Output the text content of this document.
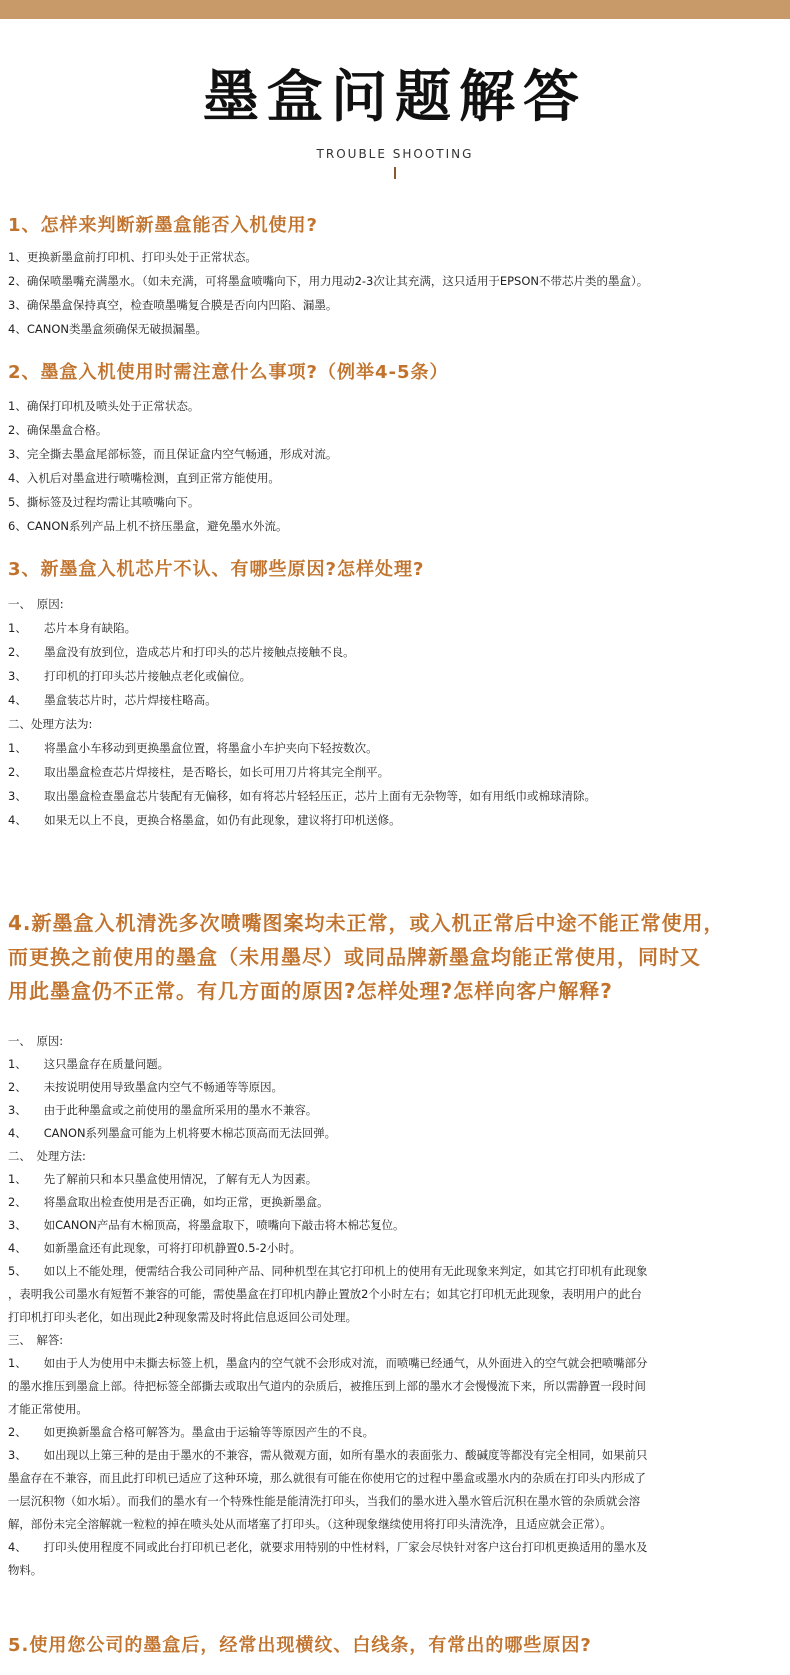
墨盒问题解答
TROUBLE SHOOTING
1、怎样来判断新墨盒能否入机使用?
1、更换新墨盒前打印机、打印头处于正常状态。
2、确保喷墨嘴充满墨水。（如未充满，可将墨盒喷嘴向下，用力甩动2-3次让其充满，这只适用于EPSON不带芯片类的墨盒）。
3、确保墨盒保持真空，检查喷墨嘴复合膜是否向内凹陷、漏墨。
4、CANON类墨盒须确保无破损漏墨。
2、墨盒入机使用时需注意什么事项?（例举4-5条）
1、确保打印机及喷头处于正常状态。
2、确保墨盒合格。
3、完全撕去墨盒尾部标签，而且保证盒内空气畅通，形成对流。
4、入机后对墨盒进行喷嘴检测，直到正常方能使用。
5、撕标签及过程均需让其喷嘴向下。
6、CANON系列产品上机不挤压墨盒，避免墨水外流。
3、新墨盒入机芯片不认、有哪些原因?怎样处理?
一、　原因:
1、　　芯片本身有缺陷。
2、　　墨盒没有放到位，造成芯片和打印头的芯片接触点接触不良。
3、　　打印机的打印头芯片接触点老化或偏位。
4、　　墨盒装芯片时，芯片焊接柱略高。
二、处理方法为:
1、　　将墨盒小车移动到更换墨盒位置，将墨盒小车护夹向下轻按数次。
2、　　取出墨盒检查芯片焊接柱，是否略长，如长可用刀片将其完全削平。
3、　　取出墨盒检查墨盒芯片装配有无偏移，如有将芯片轻轻压正，芯片上面有无杂物等，如有用纸巾或棉球清除。
4、　　如果无以上不良，更换合格墨盒，如仍有此现象，建议将打印机送修。
4.新墨盒入机清洗多次喷嘴图案均未正常，或入机正常后中途不能正常使用，
而更换之前使用的墨盒（未用墨尽）或同品牌新墨盒均能正常使用，同时又
用此墨盒仍不正常。有几方面的原因?怎样处理?怎样向客户解释?
一、　原因:
1、　　这只墨盒存在质量问题。
2、　　未按说明使用导致墨盒内空气不畅通等等原因。
3、　　由于此种墨盒或之前使用的墨盒所采用的墨水不兼容。
4、　　CANON系列墨盒可能为上机将要木棉芯顶高而无法回弹。
二、　处理方法:
1、　　先了解前只和本只墨盒使用情况，了解有无人为因素。
2、　　将墨盒取出检查使用是否正确，如均正常，更换新墨盒。
3、　　如CANON产品有木棉顶高，将墨盒取下，喷嘴向下敲击将木棉芯复位。
4、　　如新墨盒还有此现象，可将打印机静置0.5-2小时。
5、　　如以上不能处理，便需结合我公司同种产品、同种机型在其它打印机上的使用有无此现象来判定，如其它打印机有此现象
，表明我公司墨水有短暂不兼容的可能，需使墨盒在打印机内静止置放2个小时左右；如其它打印机无此现象，表明用户的此台
打印机打印头老化，如出现此2种现象需及时将此信息返回公司处理。
三、　解答:
1、　　如由于人为使用中未撕去标签上机，墨盒内的空气就不会形成对流，而喷嘴已经通气，从外面进入的空气就会把喷嘴部分
的墨水推压到墨盒上部。待把标签全部撕去或取出气道内的杂质后，被推压到上部的墨水才会慢慢流下来，所以需静置一段时间
才能正常使用。
2、　　如更换新墨盒合格可解答为。墨盒由于运输等等原因产生的不良。
3、　　如出现以上第三种的是由于墨水的不兼容，需从微观方面，如所有墨水的表面张力、酸碱度等都没有完全相同，如果前只
墨盒存在不兼容，而且此打印机已适应了这种环境，那么就很有可能在你使用它的过程中墨盒或墨水内的杂质在打印头内形成了
一层沉积物（如水垢）。而我们的墨水有一个特殊性能是能清洗打印头，当我们的墨水进入墨水管后沉积在墨水管的杂质就会溶
解，部份未完全溶解就一粒粒的掉在喷头处从而堵塞了打印头。（这种现象继续使用将打印头清洗净，且适应就会正常）。
4、　　打印头使用程度不同或此台打印机已老化，就要求用特别的中性材料，厂家会尽快针对客户这台打印机更换适用的墨水及
物料。
5.使用您公司的墨盒后，经常出现横纹、白线条，有常出的哪些原因?
